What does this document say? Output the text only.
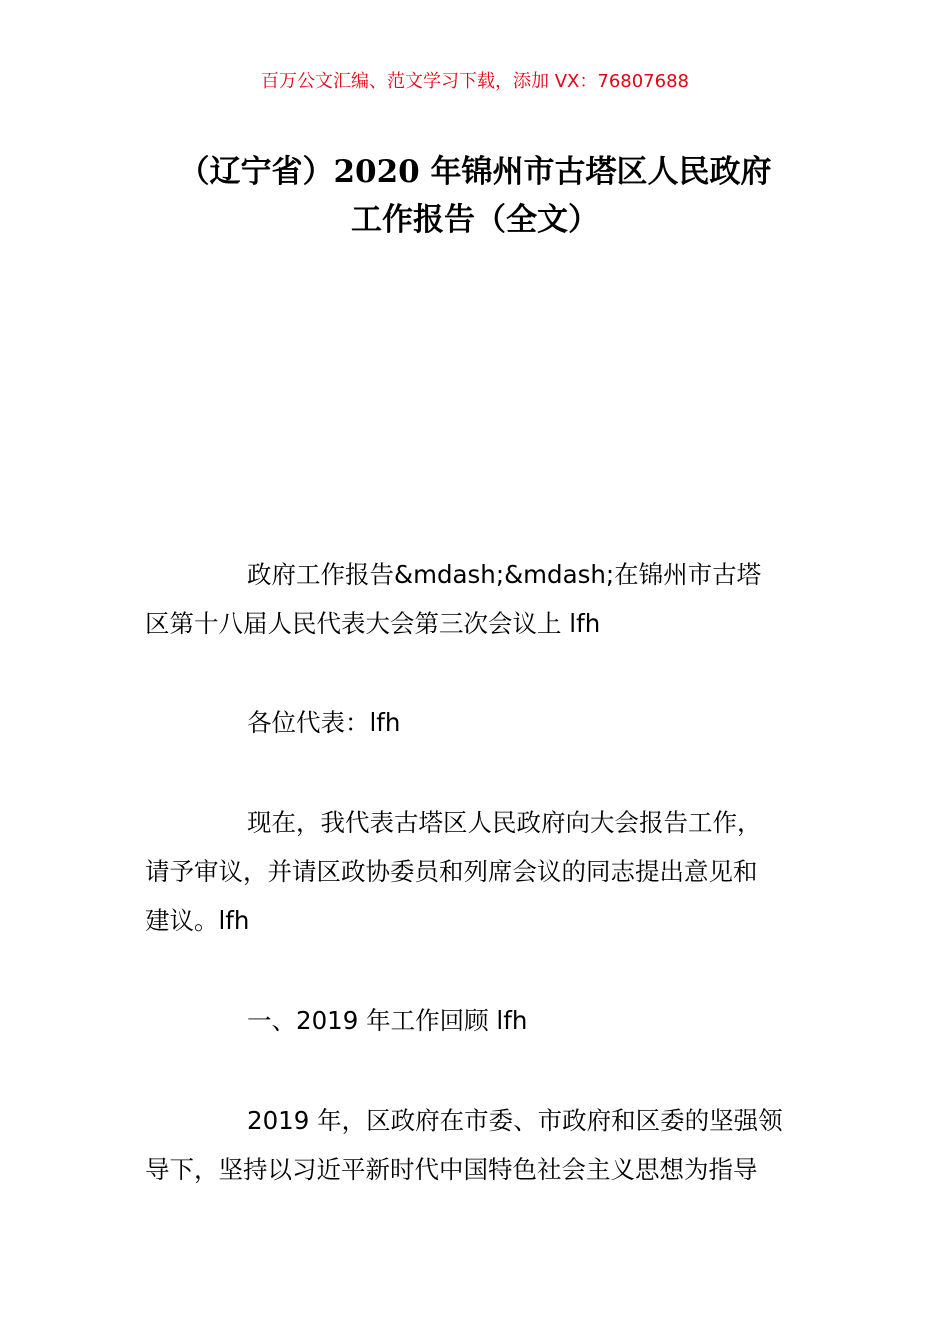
百万公文汇编、范文学习下载，添加 VX：76807688
（辽宁省）2020 年锦州市古塔区人民政府
工作报告（全文）

政府工作报告&mdash;&mdash;在锦州市古塔
区第十八届人民代表大会第三次会议上 lfh

各位代表：lfh

现在，我代表古塔区人民政府向大会报告工作，
请予审议，并请区政协委员和列席会议的同志提出意见和
建议。lfh

一、2019 年工作回顾 lfh

2019 年，区政府在市委、市政府和区委的坚强领
导下，坚持以习近平新时代中国特色社会主义思想为指导
